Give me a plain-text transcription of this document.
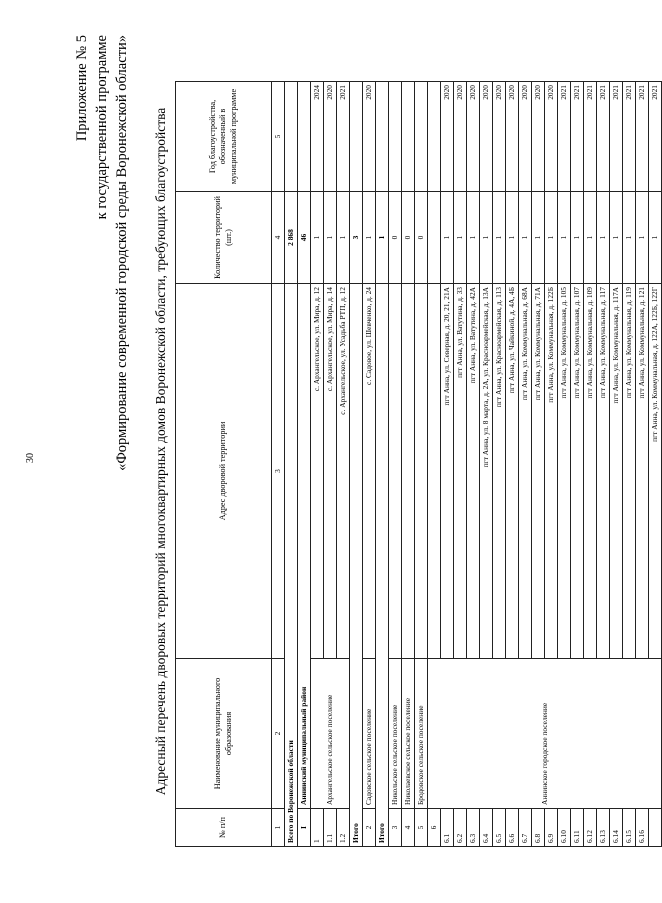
30
Приложение № 5 к государственной программе «Формирование современной городской среды Воронежской области» Адресный перечень дворовых территорий многоквартирных домов Воронежской области, требующих благоустройства
№ п/п	Наименование муниципального образования	Адрес дворовой территории	Количество территорий (шт.)	Год благоустройства, обозначенный в муниципальной программе
1	2	3	4	5
Всего по Воронежской области			2 868	
I	Аннинский муниципальный район		46	
1	Архангельское сельское поселение	с. Архангельское, ул. Мира, д. 12	1	2024
1.1		с. Архангельское, ул. Мира, д. 14	1	2020
1.2		с. Архангельское, ул. Усадьба РТП, д. 12	1	2021
Итого			3	
2	Садовское сельское поселение	с. Садовое, ул. Шевченко, д. 24	1	2020
Итого			1	
3	Никольское сельское поселение		0	
4	Николаевское сельское поселение		0	
5	Бродовское сельское поселение		0	
6	Аннинское городское поселение			
6.1		пгт Анна, ул. Северная, д. 20, 21, 21А	1	2020
6.2		пгт Анна, ул. Ватутина, д. 33	1	2020
6.3		пгт Анна, ул. Ватутина, д. 42А	1	2020
6.4		пгт Анна, ул. 8 марта, д. 2А, ул. Красноармейская, д. 13А	1	2020
6.5		пгт Анна, ул. Красноармейская, д. 113	1	2020
6.6		пгт Анна, ул. Чайкиной, д. 4А, 4Б	1	2020
6.7		пгт Анна, ул. Коммунальная, д. 68А	1	2020
6.8		пгт Анна, ул. Коммунальная, д. 71А	1	2020
6.9		пгт Анна, ул. Коммунальная, д. 122Б	1	2020
6.10		пгт Анна, ул. Коммунальная, д. 105	1	2021
6.11		пгт Анна, ул. Коммунальная, д. 107	1	2021
6.12		пгт Анна, ул. Коммунальная, д. 109	1	2021
6.13		пгт Анна, ул. Коммунальная, д. 117	1	2021
6.14		пгт Анна, ул. Коммунальная, д. 117А	1	2021
6.15		пгт Анна, ул. Коммунальная, д. 119	1	2021
6.16		пгт Анна, ул. Коммунальная, д. 121	1	2021
		пгт Анна, ул. Коммунальная, д. 122А, 122Б, 122Г	1	2021
